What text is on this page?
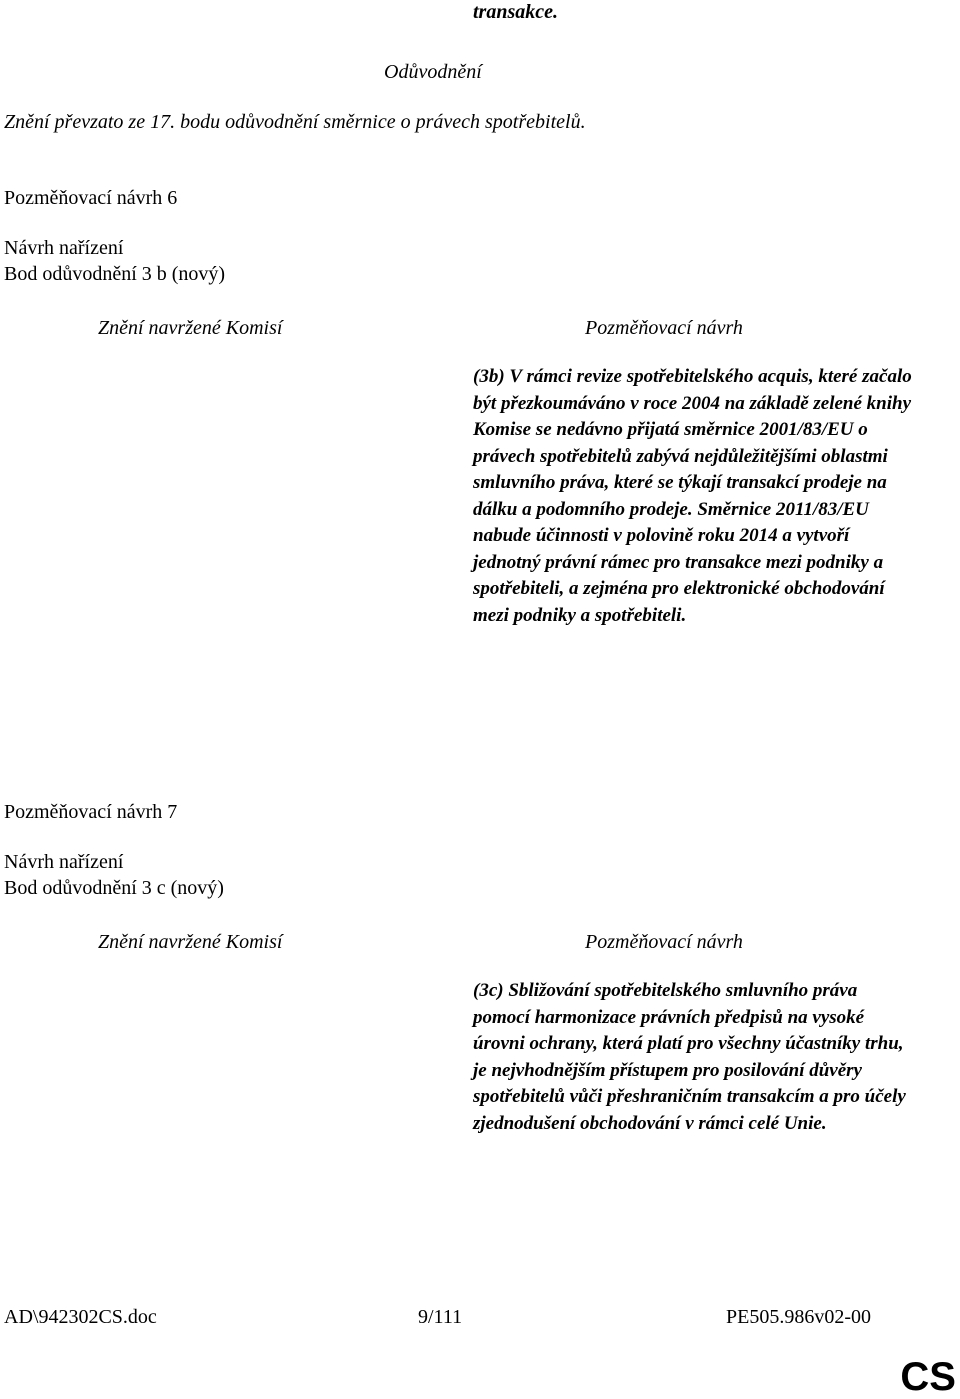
transakce.
Odůvodnění
Znění převzato ze 17. bodu odůvodnění směrnice o právech spotřebitelů.
Pozměňovací návrh 6
Návrh nařízení
Bod odůvodnění 3 b (nový)
Znění navržené Komisí	Pozměňovací návrh

(3b) V rámci revize spotřebitelského acquis, které začalo být přezkoumáváno v roce 2004 na základě zelené knihy Komise se nedávno přijatá směrnice 2001/83/EU o právech spotřebitelů zabývá nejdůležitějšími oblastmi smluvního práva, které se týkají transakcí prodeje na dálku a podomního prodeje. Směrnice 2011/83/EU nabude účinnosti v polovině roku 2014 a vytvoří jednotný právní rámec pro transakce mezi podniky a spotřebiteli, a zejména pro elektronické obchodování mezi podniky a spotřebiteli.

Pozměňovací návrh 7
Návrh nařízení
Bod odůvodnění 3 c (nový)
Znění navržené Komisí	Pozměňovací návrh

(3c) Sbližování spotřebitelského smluvního práva pomocí harmonizace právních předpisů na vysoké úrovni ochrany, která platí pro všechny účastníky trhu, je nejvhodnějším přístupem pro posilování důvěry spotřebitelů vůči přeshraničním transakcím a pro účely zjednodušení obchodování v rámci celé Unie.

AD\942302CS.doc	9/111	PE505.986v02-00
CS
